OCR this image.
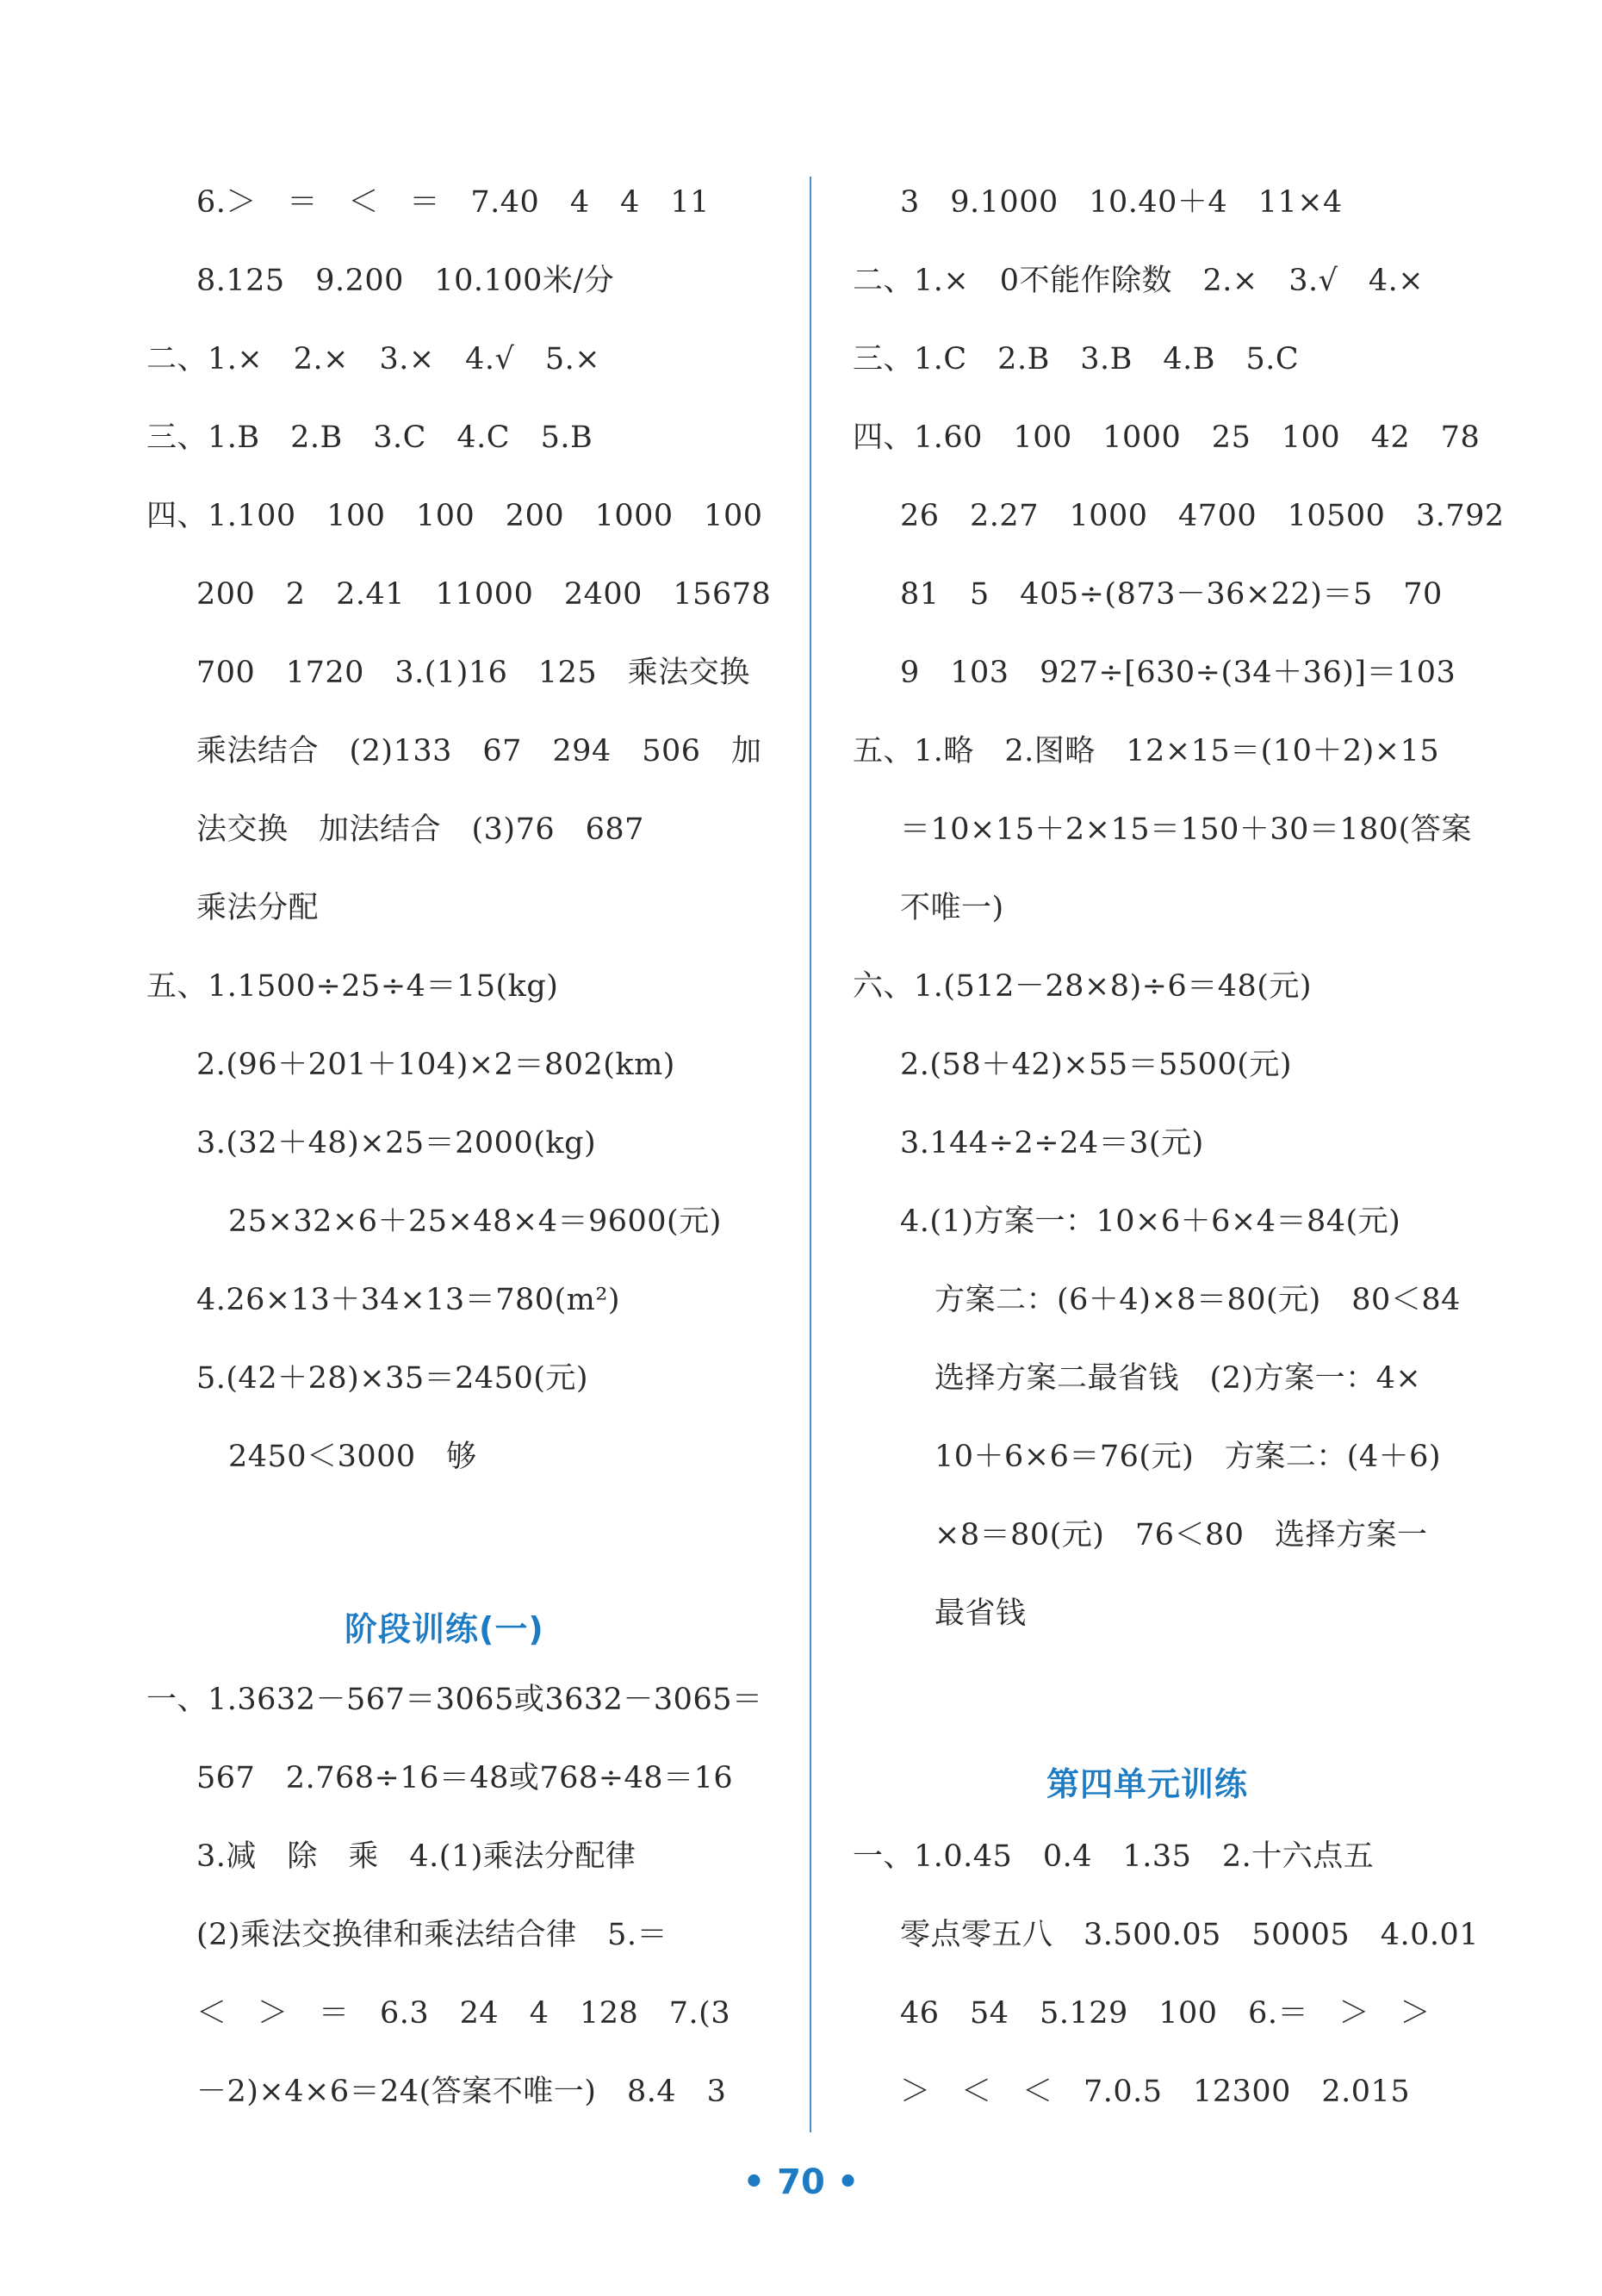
6.＞　＝　＜　＝　7.40　4　4　11
8.125　9.200　10.100米/分
二、1.×　2.×　3.×　4.√　5.×
三、1.B　2.B　3.C　4.C　5.B
四、1.100　100　100　200　1000　100
200　2　2.41　11000　2400　15678
700　1720　3.(1)16　125　乘法交换
乘法结合　(2)133　67　294　506　加
法交换　加法结合　(3)76　687
乘法分配
五、1.1500÷25÷4＝15(kg)
2.(96＋201＋104)×2＝802(km)
3.(32＋48)×25＝2000(kg)
25×32×6＋25×48×4＝9600(元)
4.26×13＋34×13＝780(m²)
5.(42＋28)×35＝2450(元)
2450＜3000　够
阶段训练(一)
一、1.3632－567＝3065或3632－3065＝
567　2.768÷16＝48或768÷48＝16
3.减　除　乘　4.(1)乘法分配律
(2)乘法交换律和乘法结合律　5.＝
＜　＞　＝　6.3　24　4　128　7.(3
－2)×4×6＝24(答案不唯一)　8.4　3
3　9.1000　10.40＋4　11×4
二、1.×　0不能作除数　2.×　3.√　4.×
三、1.C　2.B　3.B　4.B　5.C
四、1.60　100　1000　25　100　42　78
26　2.27　1000　4700　10500　3.792
81　5　405÷(873－36×22)＝5　70
9　103　927÷[630÷(34＋36)]＝103
五、1.略　2.图略　12×15＝(10＋2)×15
＝10×15＋2×15＝150＋30＝180(答案
不唯一)
六、1.(512－28×8)÷6＝48(元)
2.(58＋42)×55＝5500(元)
3.144÷2÷24＝3(元)
4.(1)方案一：10×6＋6×4＝84(元)
方案二：(6＋4)×8＝80(元)　80＜84
选择方案二最省钱　(2)方案一：4×
10＋6×6＝76(元)　方案二：(4＋6)
×8＝80(元)　76＜80　选择方案一
最省钱
第四单元训练
一、1.0.45　0.4　1.35　2.十六点五
零点零五八　3.500.05　50005　4.0.01
46　54　5.129　100　6.＝　＞　＞
＞　＜　＜　7.0.5　12300　2.015
• 70 •
